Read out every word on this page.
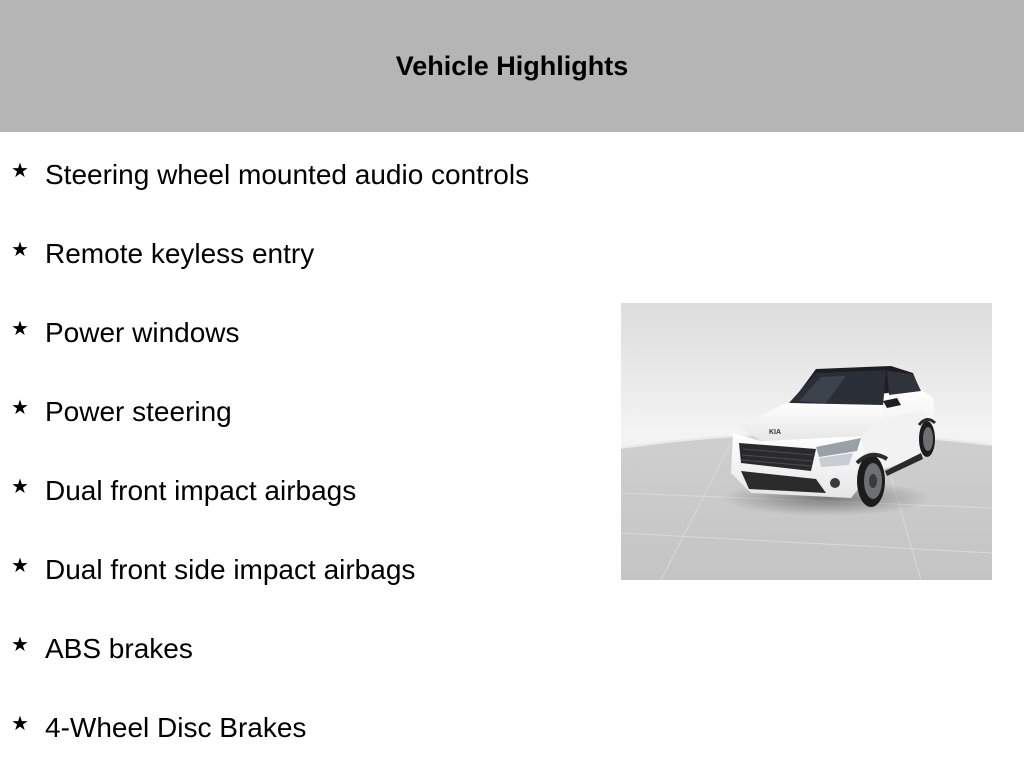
Vehicle Highlights
★ Steering wheel mounted audio controls
★ Remote keyless entry
★ Power windows
★ Power steering
★ Dual front impact airbags
★ Dual front side impact airbags
★ ABS brakes
★ 4-Wheel Disc Brakes
KIA
